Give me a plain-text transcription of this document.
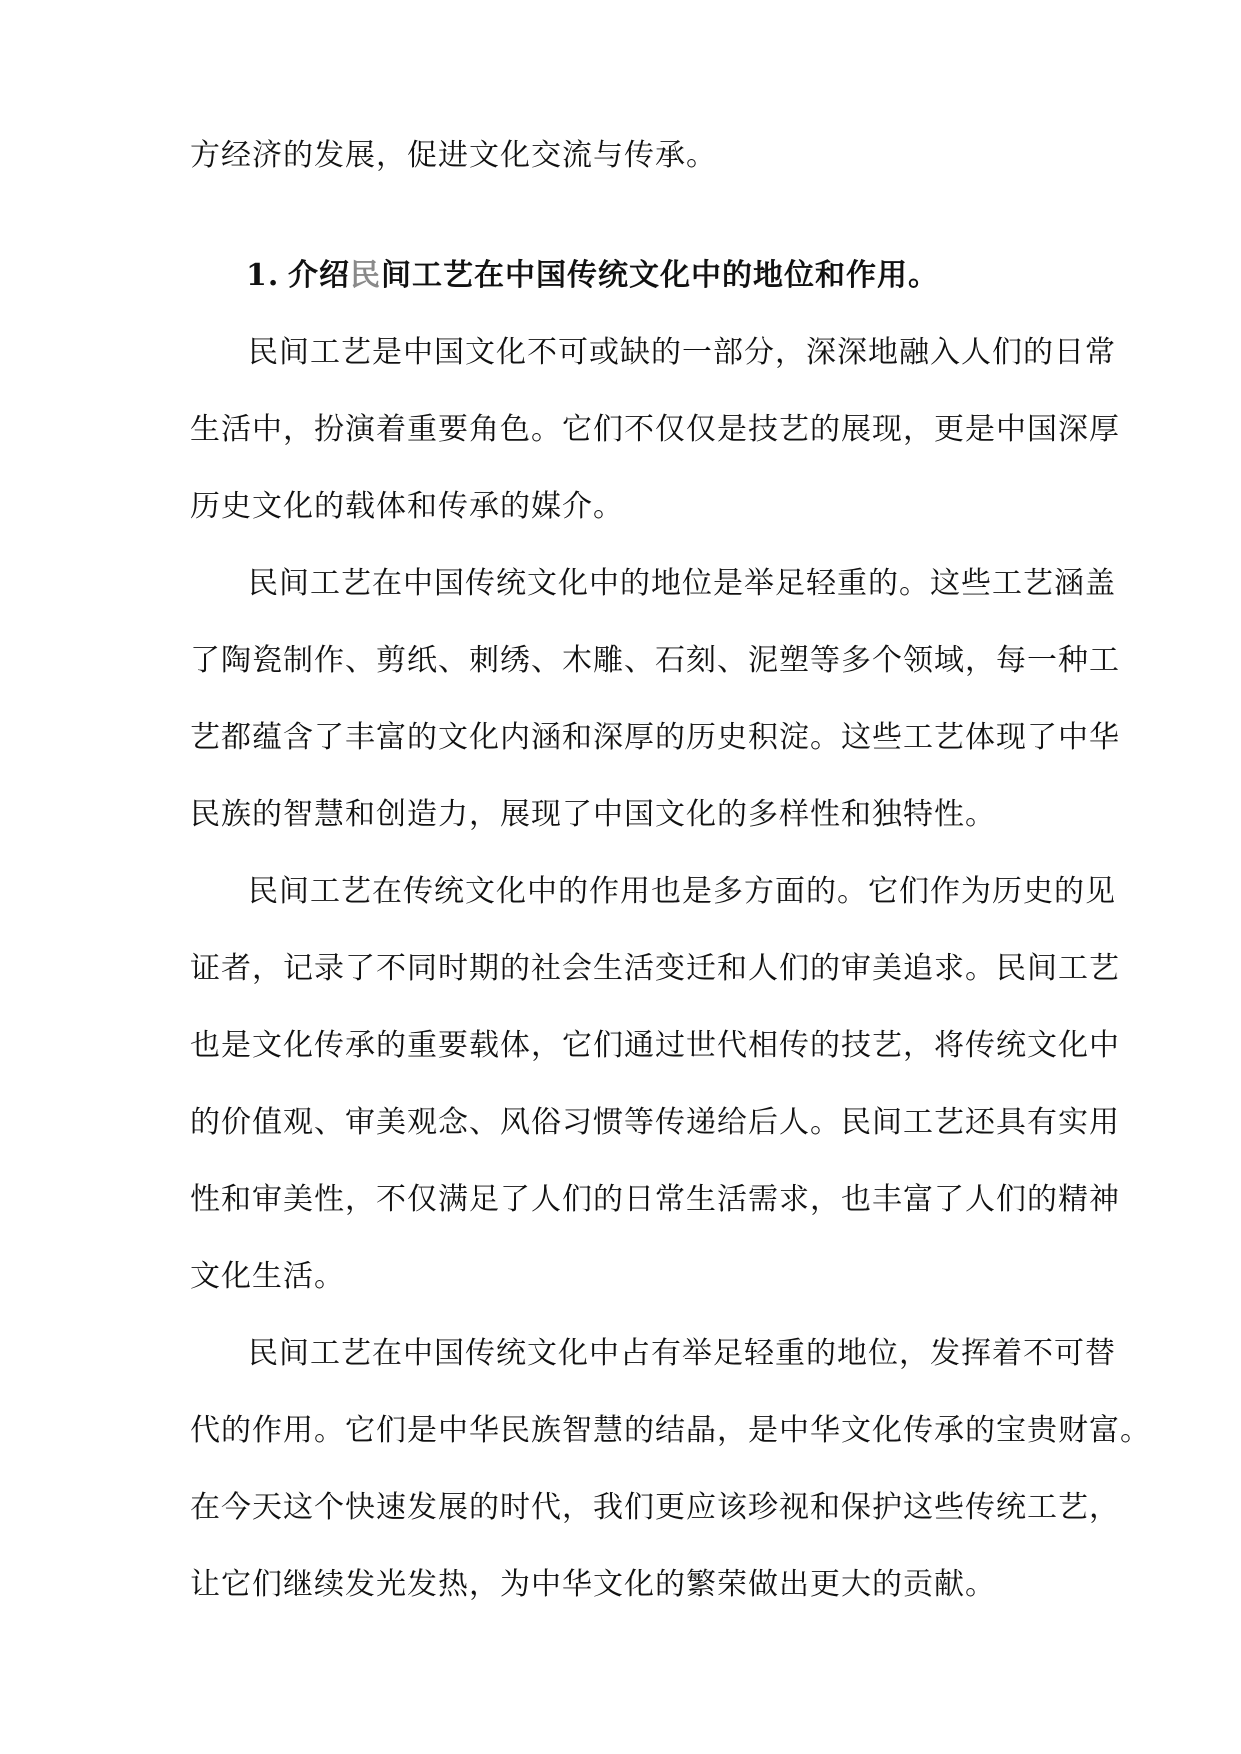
方经济的发展，促进文化交流与传承。
1. 介绍民间工艺在中国传统文化中的地位和作用。
民间工艺是中国文化不可或缺的一部分，深深地融入人们的日常
生活中，扮演着重要角色。它们不仅仅是技艺的展现，更是中国深厚
历史文化的载体和传承的媒介。
民间工艺在中国传统文化中的地位是举足轻重的。这些工艺涵盖
了陶瓷制作、剪纸、刺绣、木雕、石刻、泥塑等多个领域，每一种工
艺都蕴含了丰富的文化内涵和深厚的历史积淀。这些工艺体现了中华
民族的智慧和创造力，展现了中国文化的多样性和独特性。
民间工艺在传统文化中的作用也是多方面的。它们作为历史的见
证者，记录了不同时期的社会生活变迁和人们的审美追求。民间工艺
也是文化传承的重要载体，它们通过世代相传的技艺，将传统文化中
的价值观、审美观念、风俗习惯等传递给后人。民间工艺还具有实用
性和审美性，不仅满足了人们的日常生活需求，也丰富了人们的精神
文化生活。
民间工艺在中国传统文化中占有举足轻重的地位，发挥着不可替
代的作用。它们是中华民族智慧的结晶，是中华文化传承的宝贵财富。
在今天这个快速发展的时代，我们更应该珍视和保护这些传统工艺，
让它们继续发光发热，为中华文化的繁荣做出更大的贡献。
